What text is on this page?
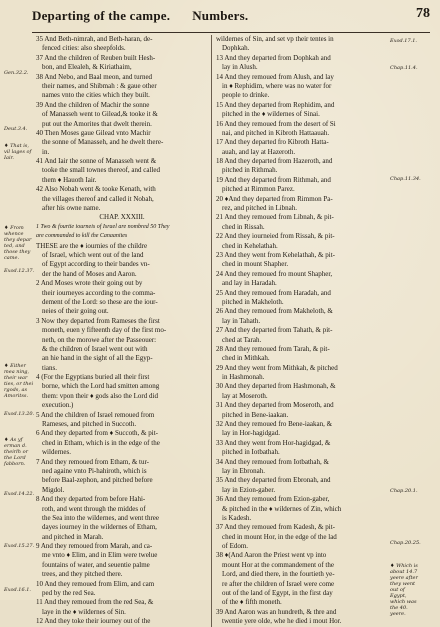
Departing of the campe. Numbers.	78
Gen.32.2.
Deut.3.4.
♦ That is, vil lages of Iair.
♦ From whence they depar ted, and those they came.
Exod.12.37.
♦ Either mea ning, their war ties, or thei rgods, as Amoritss.
Exod.13.20.
♦ As yf erman d. theirlh or the Lord fabborn.
Exod.14.22.
Exod.15.27.
Exod.16.1.
35 And Beth-nimrah, and Beth-haran, de-
fenced cities: also sheepfolds.
37 And the children of Reuben built Hesh-
bon, and Elealeh, & Kiriathaim,
38 And Nebo, and Baal meon, and turned
their names, and Shibmah : & gaue other
names vnto the cities which they built.
39 And the children of Machir the sonne
of Manasseh went to Gilead,& tooke it &
put out the Amorites that dwelt therein.
40 Then Moses gaue Gilead vnto Machir
the sonne of Manasseh, and he dwelt there-
in.
41 And Iair the sonne of Manasseh went &
tooke the small townes thereof, and called
them ♦ Hauoth Iair.
42 Also Nobah went & tooke Kenath, with
the villages thereof and called it Nobah,
after his owne name.
CHAP. XXXIII.
1 Two & fourtie iourneis of Israel are nombred 50 They
are commanded to kill the Canaanites
THESE are the ♦ iournies of the childre
of Israel, which went out of the land
of Egypt according to their bandes vn-
der the hand of Moses and Aaron.
2 And Moses wrote their going out by
their iourneyes according to the comma-
dement of the Lord: so these are the iour-
neies of their going out.
3 Now they departed from Rameses the first
moneth, euen y fifteenth day of the first mo-
neth, on the morowe after the Passeouer:
& the children of Israel went out with
an hie hand in the sight of all the Egyp-
tians.
4 (For the Egyptians buried all their first
borne, which the Lord had smitten among
them: vpon their ♦ gods also the Lord did
execution.)
5 And the children of Israel remoued from
Rameses, and pitched in Succoth.
6 And they departed from ♦ Succoth, & pit-
ched in Etham, which is in the edge of the
wildernes.
7 And they remoued from Etham, & tur-
ned againe vnto Pi-hahiroth, which is
before Baal-zephon, and pitched before
Migdol.
8 And they departed from before Hahi-
roth, and went through the middes of
the Sea into the wildernes, and went three
dayes iourney in the wildernes of Etham,
and pitched in Marah.
9 And they remoued from Marah, and ca-
me vnto ♦ Elim, and in Elim were twelue
fountains of water, and seuentie palme
trees, and they pitched there.
10 And they remoued from Elim, and cam
ped by the red Sea.
11 And they remoued from the red Sea, &
laye in the ♦ wildernes of Sin.
12 And they toke their iourney out of the
wildernes of Sin, and set vp their tentes in
Dophkah.
13 And they departed from Dophkah and
lay in Alush.
14 And they remoued from Alush, and lay
in ♦ Rephidim, where was no water for
people to drinke.
15 And they departed from Rephidim, and
pitched in the ♦ wildernes of Sinai.
16 And they remoued from the desert of Si
nai, and pitched in Kibroth Hattaauah.
17 And they departed fro Kibroth Hatta-
auah, and lay at Hazeroth.
18 And they departed from Hazeroth, and
pitched in Rithmah.
19 And they departed from Rithmah, and
pitched at Rimmon Parez.
20 ♦And they departed from Rimmon Pa-
rez, and pitched in Libnah.
21 And they remoued from Libnah, & pit-
ched in Rissah.
22 And they iourneied from Rissah, & pit-
ched in Kehelathah.
23 And they went from Kehelathah, & pit-
ched in mount Shapher.
24 And they remoued fro mount Shapher,
and lay in Haradah.
25 And they remoued from Haradah, and
pitched in Makheloth.
26 And they remoued from Makheloth, &
lay in Tahath.
27 And they departed from Tahath, & pit-
ched at Tarah.
28 And they remoued from Tarah, & pit-
ched in Mithkah.
29 And they went from Mithkah, & pitched
in Hashmonah.
30 And they departed from Hashmonah, &
lay at Moseroth.
31 And they departed from Moseroth, and
pitched in Bene-iaakan.
32 And they remoued fro Bene-iaakan, &
lay in Hor-hagidgad.
33 And they went from Hor-hagidgad, &
pitched in Iotbathah.
34 And they remoued from Iotbathah, &
lay in Ebronah.
35 And they departed from Ebronah, and
lay in Ezion-gaber.
36 And they remoued from Ezion-gaber,
& pitched in the ♦ wildernes of Zin, which
is Kadesh.
37 And they remoued from Kadesh, & pit-
ched in mount Hor, in the edge of the lad
of Edom.
38 ♦(And Aaron the Priest went vp into
mount Hor at the commandement of the
Lord, and died there, in the fourtieth ye-
re after the children of Israel were come
out of the land of Egypt, in the first day
of the ♦ fifth moneth.
39 And Aaron was an hundreth, & thre and
twentie yere olde, whe he died i mout Hor.
Exod.17.1.
Chap.11.4.
Chap.11.34.
Chap.20.1.
Chap.20.25.
♦ Which is about 14.7 yeere after they went out of Egypt, which was the 40. yeere.
